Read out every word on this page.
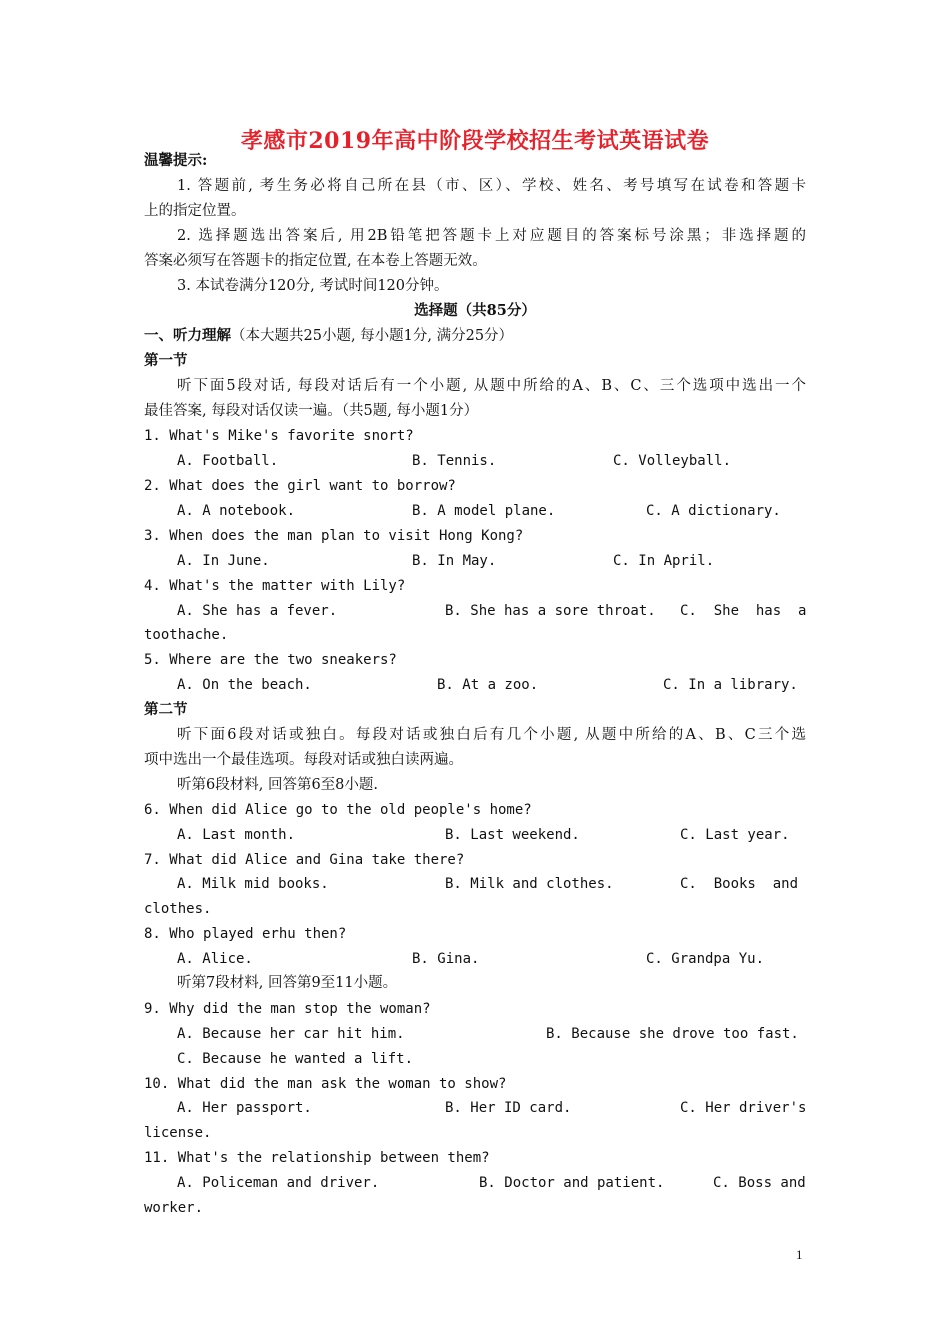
孝感市2019年高中阶段学校招生考试英语试卷
温馨提示:
1. 答题前, 考生务必将自己所在县（市、区）、学校、姓名、考号填写在试卷和答题卡
上的指定位置。
2. 选择题选出答案后, 用2B铅笔把答题卡上对应题目的答案标号涂黑；非选择题的
答案必须写在答题卡的指定位置, 在本卷上答题无效。
3. 本试卷满分120分, 考试时间120分钟。
选择题（共85分）
一、听力理解（本大题共25小题, 每小题1分, 满分25分）
第一节
听下面5段对话, 每段对话后有一个小题, 从题中所给的A、B、C、三个选项中选出一个
最佳答案, 每段对话仅读一遍。（共5题, 每小题1分）
1. What's Mike's favorite snort?
A. Football.	B. Tennis.	C. Volleyball.
2. What does the girl want to borrow?
A. A notebook.	B. A model plane.	C. A dictionary.
3. When does the man plan to visit Hong Kong?
A. In June.	B. In May.	C. In April.
4. What's the matter with Lily?
A. She has a fever.	B. She has a sore throat. C.  She  has  a
toothache.
5. Where are the two sneakers?
A. On the beach.	B. At a zoo.	C. In a library.
第二节
听下面6段对话或独白。每段对话或独白后有几个小题, 从题中所给的A、B、C三个选
项中选出一个最佳选项。每段对话或独白读两遍。
听第6段材料, 回答第6至8小题.
6. When did Alice go to the old people's home?
A. Last month.	B. Last weekend.	C. Last year.
7. What did Alice and Gina take there?
A. Milk mid books.	B. Milk and clothes.	C.  Books  and
clothes.
8. Who played erhu then?
A. Alice.	B. Gina.	C. Grandpa Yu.
听第7段材料, 回答第9至11小题。
9. Why did the man stop the woman?
A. Because her car hit him.	B. Because she drove too fast.
C. Because he wanted a lift.
10. What did the man ask the woman to show?
A. Her passport.	B. Her ID card.	C. Her driver's
license.
11. What's the relationship between them?
A. Policeman and driver.	B. Doctor and patient.	C. Boss and
worker.
1
